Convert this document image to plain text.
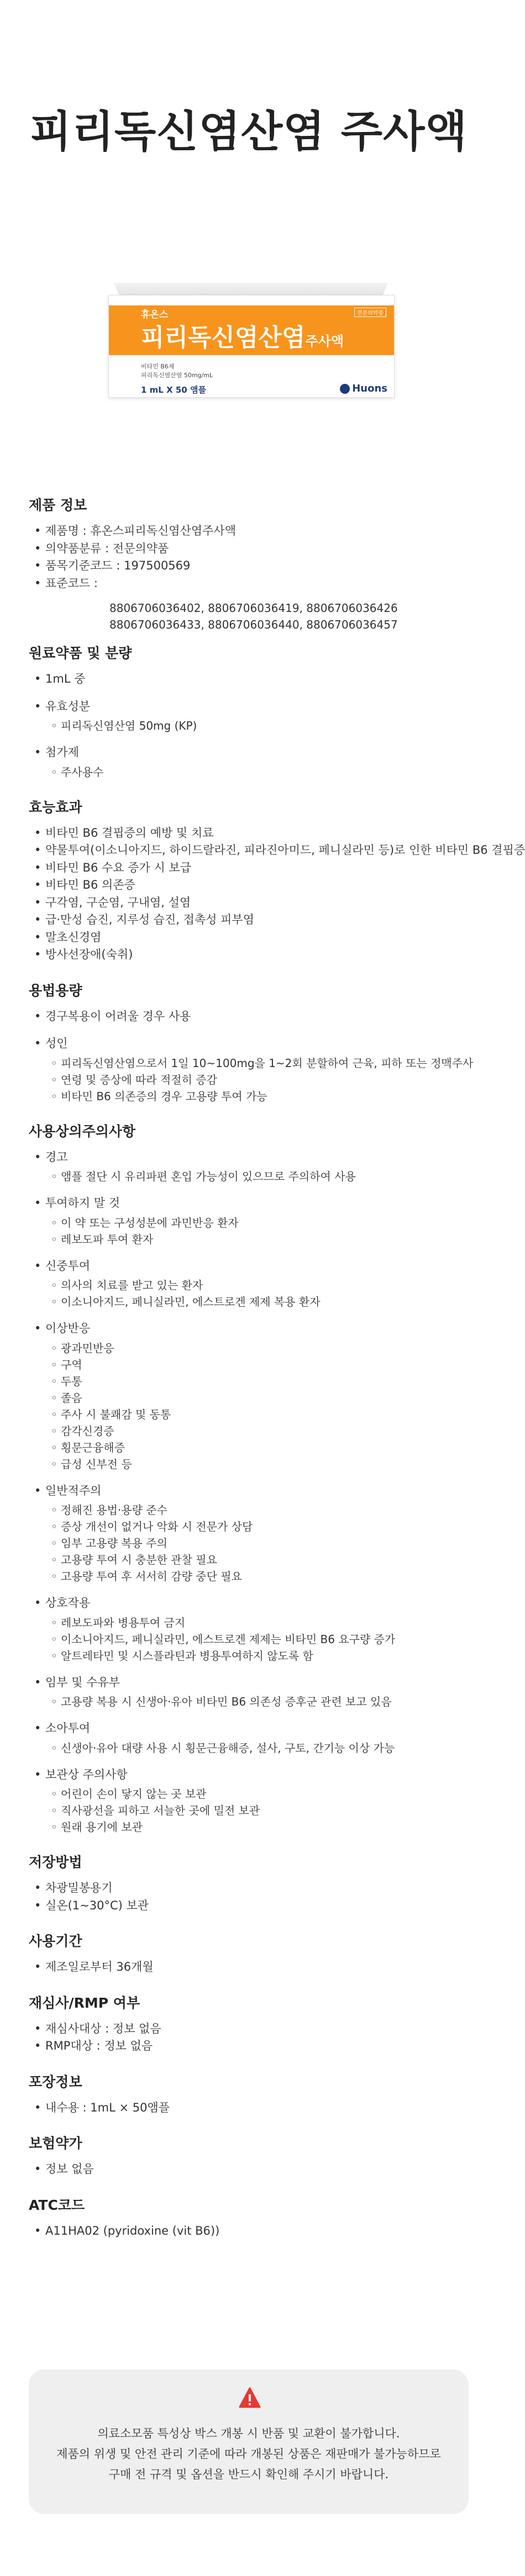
피리독신염산염 주사액
전문의약품
휴온스
피리독신염산염주사액
비타민 B6제
피리독신염산염 50mg/mL
1 mL X 50 앰플	Huons
제품 정보
• 제품명 : 휴온스피리독신염산염주사액
• 의약품분류 : 전문의약품
• 품목기준코드 : 197500569
• 표준코드 :
8806706036402, 8806706036419, 8806706036426
8806706036433, 8806706036440, 8806706036457
원료약품 및 분량
• 1mL 중
• 유효성분
◦ 피리독신염산염 50mg (KP)
• 첨가제
◦ 주사용수
효능효과
• 비타민 B6 결핍증의 예방 및 치료
• 약물투여(이소니아지드, 하이드랄라진, 피라진아미드, 페니실라민 등)로 인한 비타민 B6 결핍증
• 비타민 B6 수요 증가 시 보급
• 비타민 B6 의존증
• 구각염, 구순염, 구내염, 설염
• 급·만성 습진, 지루성 습진, 접촉성 피부염
• 말초신경염
• 방사선장애(숙취)
용법용량
• 경구복용이 어려울 경우 사용
• 성인
◦ 피리독신염산염으로서 1일 10~100mg을 1~2회 분할하여 근육, 피하 또는 정맥주사
◦ 연령 및 증상에 따라 적절히 증감
◦ 비타민 B6 의존증의 경우 고용량 투여 가능
사용상의주의사항
• 경고
◦ 앰플 절단 시 유리파편 혼입 가능성이 있으므로 주의하여 사용
• 투여하지 말 것
◦ 이 약 또는 구성성분에 과민반응 환자
◦ 레보도파 투여 환자
• 신중투여
◦ 의사의 치료를 받고 있는 환자
◦ 이소니아지드, 페니실라민, 에스트로겐 제제 복용 환자
• 이상반응
◦ 광과민반응
◦ 구역
◦ 두통
◦ 졸음
◦ 주사 시 불쾌감 및 동통
◦ 감각신경증
◦ 횡문근융해증
◦ 급성 신부전 등
• 일반적주의
◦ 정해진 용법·용량 준수
◦ 증상 개선이 없거나 악화 시 전문가 상담
◦ 임부 고용량 복용 주의
◦ 고용량 투여 시 충분한 관찰 필요
◦ 고용량 투여 후 서서히 감량 중단 필요
• 상호작용
◦ 레보도파와 병용투여 금지
◦ 이소니아지드, 페니실라민, 에스트로겐 제제는 비타민 B6 요구량 증가
◦ 알트레타민 및 시스플라틴과 병용투여하지 않도록 함
• 임부 및 수유부
◦ 고용량 복용 시 신생아·유아 비타민 B6 의존성 증후군 관련 보고 있음
• 소아투여
◦ 신생아·유아 대량 사용 시 횡문근융해증, 설사, 구토, 간기능 이상 가능
• 보관상 주의사항
◦ 어린이 손이 닿지 않는 곳 보관
◦ 직사광선을 피하고 서늘한 곳에 밀전 보관
◦ 원래 용기에 보관
저장방법
• 차광밀봉용기
• 실온(1~30°C) 보관
사용기간
• 제조일로부터 36개월
재심사/RMP 여부
• 재심사대상 : 정보 없음
• RMP대상 : 정보 없음
포장정보
• 내수용 : 1mL × 50앰플
보험약가
• 정보 없음
ATC코드
• A11HA02 (pyridoxine (vit B6))

의료소모품 특성상 박스 개봉 시 반품 및 교환이 불가합니다.

제품의 위생 및 안전 관리 기준에 따라 개봉된 상품은 재판매가 불가능하므로

구매 전 규격 및 옵션을 반드시 확인해 주시기 바랍니다.
